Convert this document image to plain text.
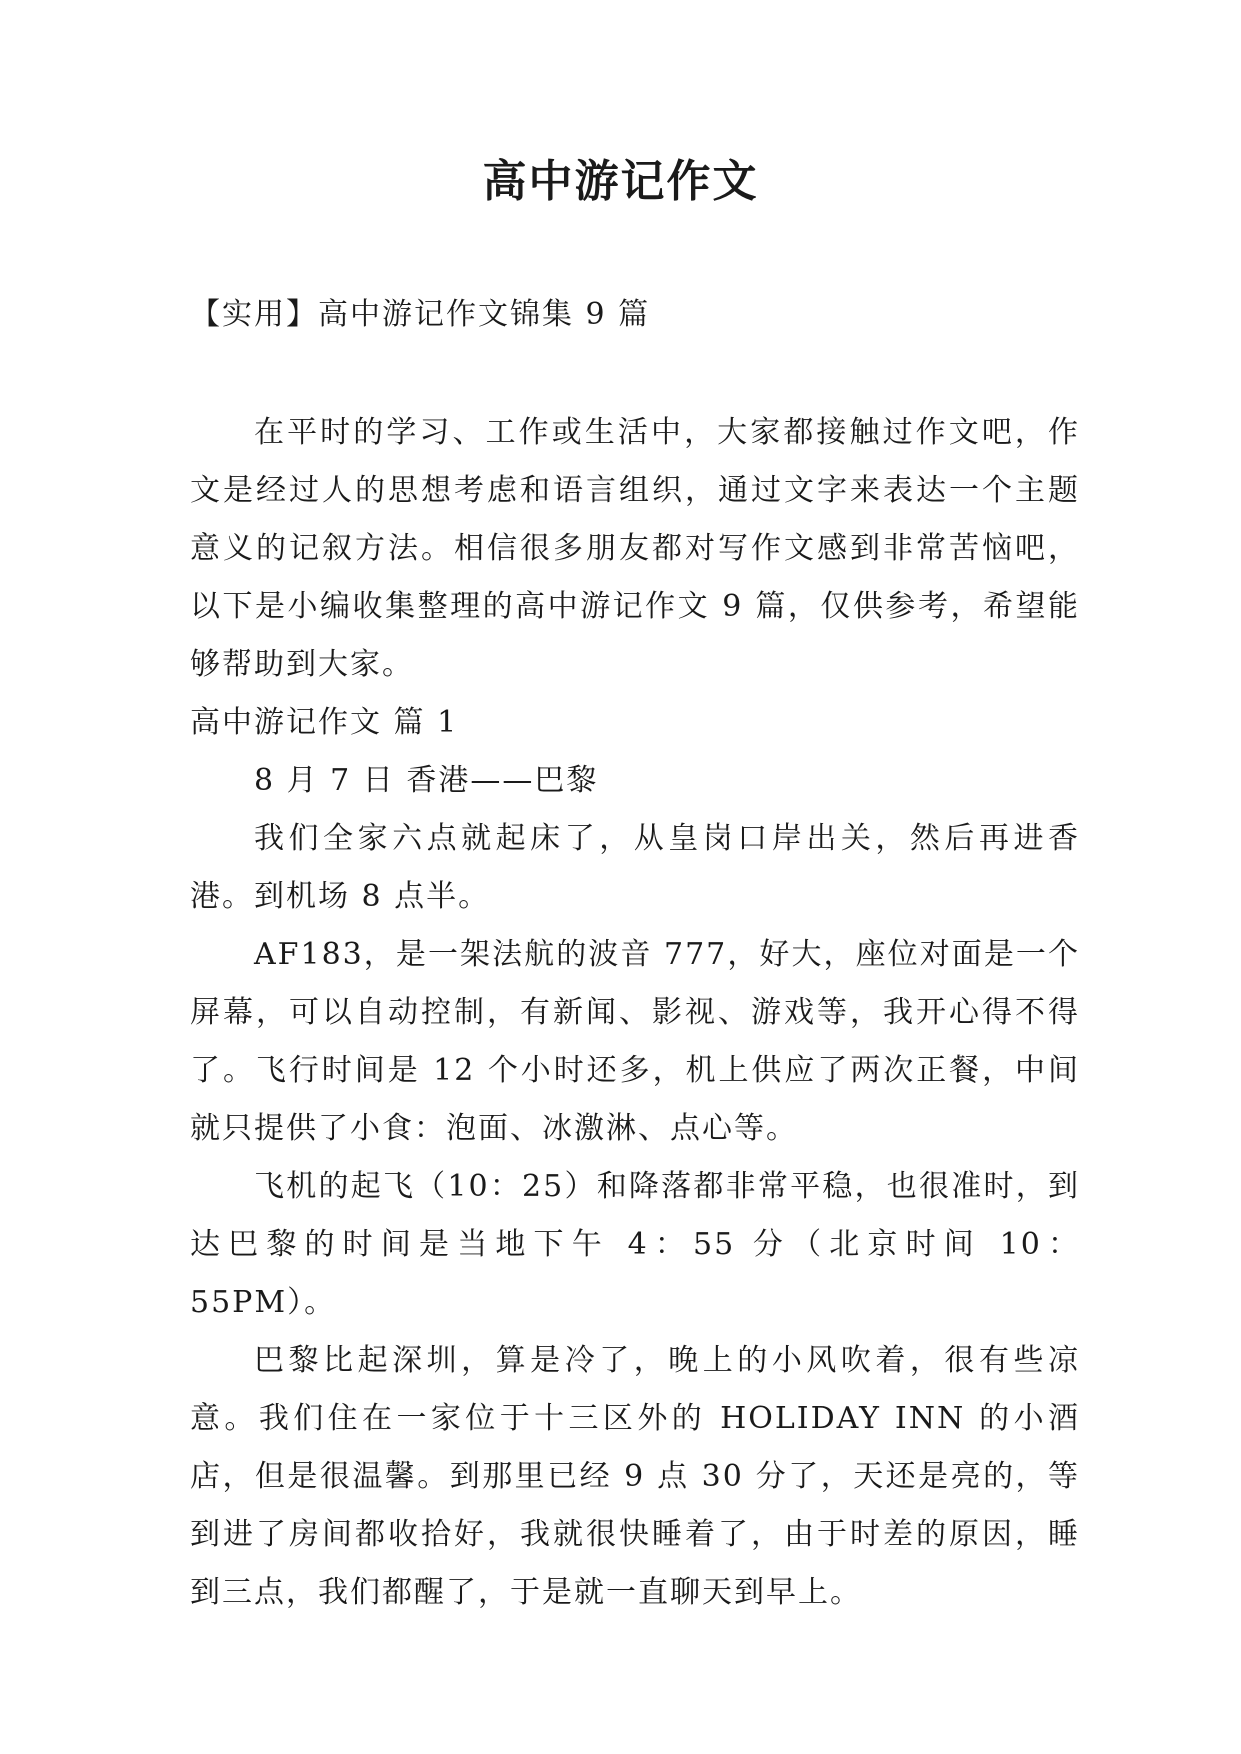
高中游记作文
【实用】高中游记作文锦集 9 篇

在平时的学习、工作或生活中，大家都接触过作文吧，作文是经过人的思想考虑和语言组织，通过文字来表达一个主题意义的记叙方法。相信很多朋友都对写作文感到非常苦恼吧，以下是小编收集整理的高中游记作文 9 篇，仅供参考，希望能够帮助到大家。

高中游记作文 篇 1

8 月 7 日 香港——巴黎

我们全家六点就起床了，从皇岗口岸出关，然后再进香港。到机场 8 点半。

AF183，是一架法航的波音 777，好大，座位对面是一个屏幕，可以自动控制，有新闻、影视、游戏等，我开心得不得了。飞行时间是 12 个小时还多，机上供应了两次正餐，中间就只提供了小食：泡面、冰激淋、点心等。

飞机的起飞（10：25）和降落都非常平稳，也很准时，到达巴黎的时间是当地下午 4：55 分（北京时间 10：55PM）。

巴黎比起深圳，算是冷了，晚上的小风吹着，很有些凉意。我们住在一家位于十三区外的 HOLIDAY INN 的小酒店，但是很温馨。到那里已经 9 点 30 分了，天还是亮的，等到进了房间都收拾好，我就很快睡着了，由于时差的原因，睡到三点，我们都醒了，于是就一直聊天到早上。
